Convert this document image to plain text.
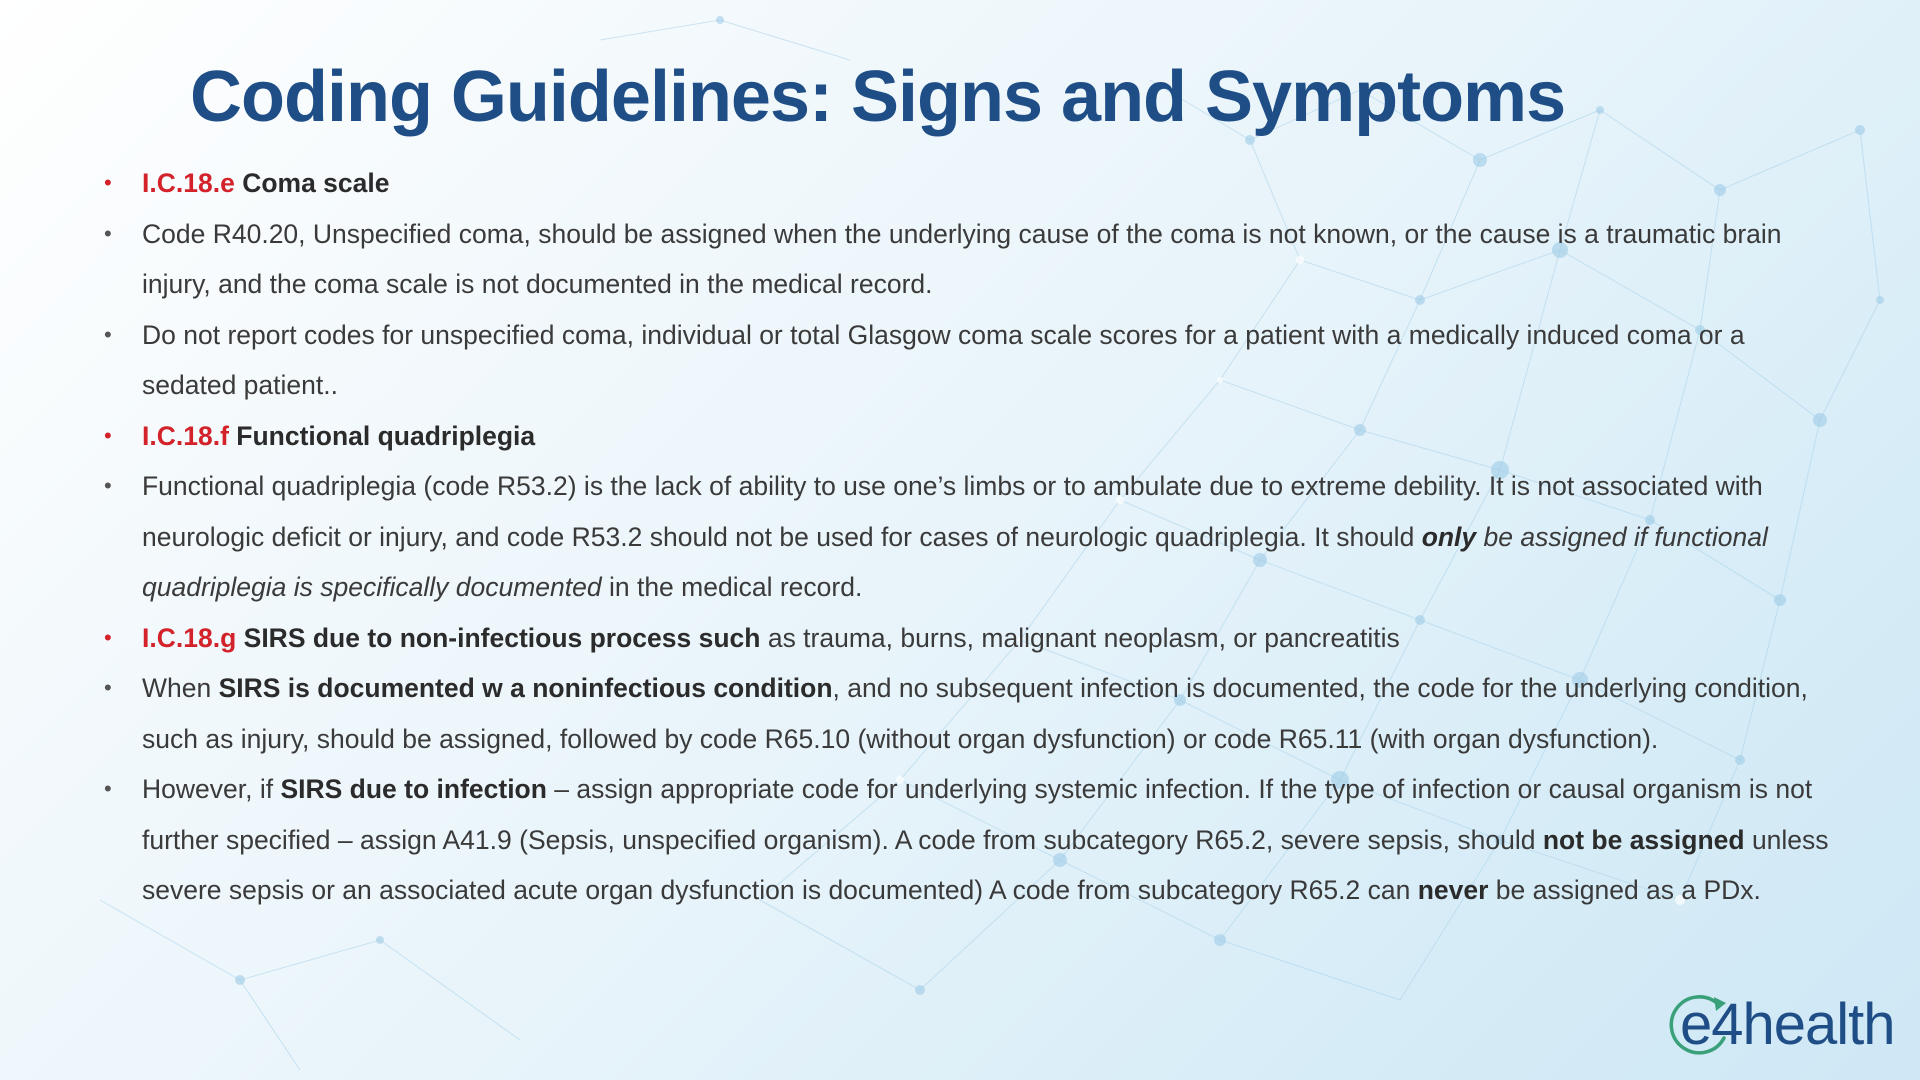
Coding Guidelines: Signs and Symptoms
• I.C.18.e Coma scale
• Code R40.20, Unspecified coma, should be assigned when the underlying cause of the coma is not known, or the cause is a traumatic brain injury, and the coma scale is not documented in the medical record.
• Do not report codes for unspecified coma, individual or total Glasgow coma scale scores for a patient with a medically induced coma or a sedated patient..
• I.C.18.f Functional quadriplegia
• Functional quadriplegia (code R53.2) is the lack of ability to use one’s limbs or to ambulate due to extreme debility. It is not associated with neurologic deficit or injury, and code R53.2 should not be used for cases of neurologic quadriplegia. It should only be assigned if functional quadriplegia is specifically documented in the medical record.
• I.C.18.g SIRS due to non-infectious process such as trauma, burns, malignant neoplasm, or pancreatitis
• When SIRS is documented w a noninfectious condition, and no subsequent infection is documented, the code for the underlying condition, such as injury, should be assigned, followed by code R65.10 (without organ dysfunction) or code R65.11 (with organ dysfunction).
• However, if SIRS due to infection – assign appropriate code for underlying systemic infection. If the type of infection or causal organism is not further specified – assign A41.9 (Sepsis, unspecified organism). A code from subcategory R65.2, severe sepsis, should not be assigned unless severe sepsis or an associated acute organ dysfunction is documented) A code from subcategory R65.2 can never be assigned as a PDx.
e4health
